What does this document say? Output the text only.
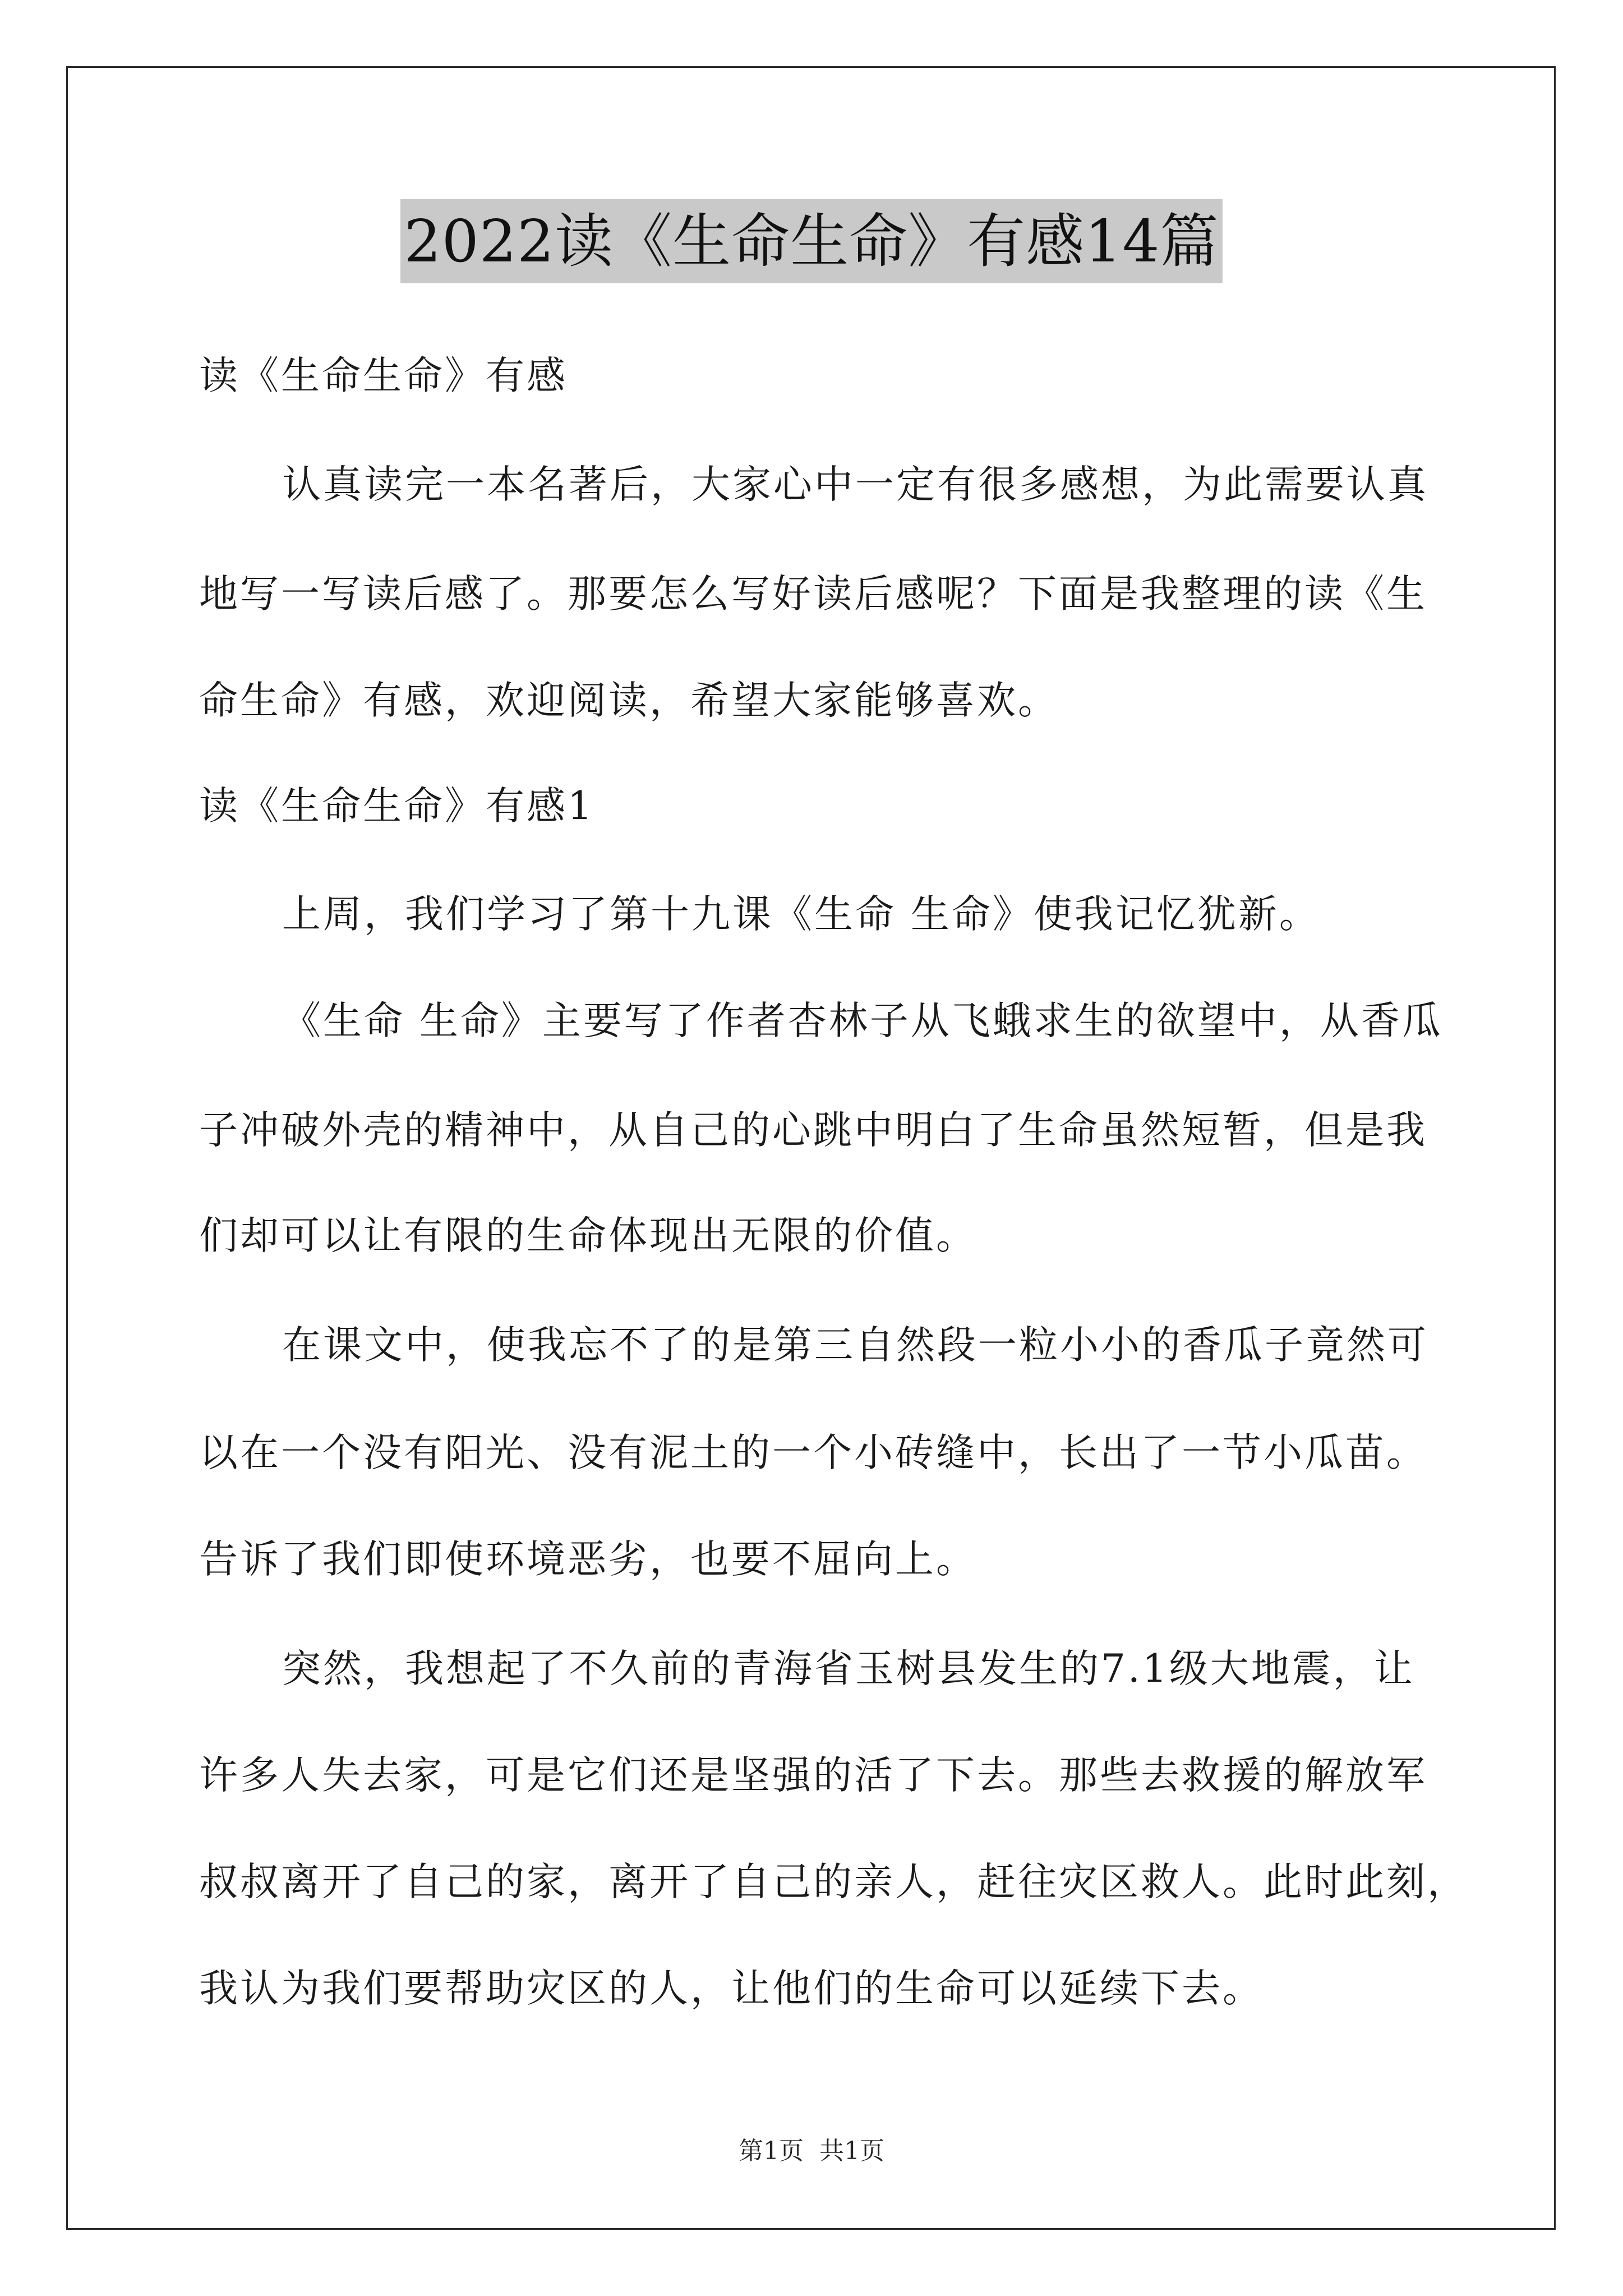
2022读《生命生命》有感14篇
读《生命生命》有感
认真读完一本名著后，大家心中一定有很多感想，为此需要认真
地写一写读后感了。那要怎么写好读后感呢？下面是我整理的读《生
命生命》有感，欢迎阅读，希望大家能够喜欢。
读《生命生命》有感1
上周，我们学习了第十九课《生命 生命》使我记忆犹新。
《生命 生命》主要写了作者杏林子从飞蛾求生的欲望中，从香瓜
子冲破外壳的精神中，从自己的心跳中明白了生命虽然短暂，但是我
们却可以让有限的生命体现出无限的价值。
在课文中，使我忘不了的是第三自然段一粒小小的香瓜子竟然可
以在一个没有阳光、没有泥土的一个小砖缝中，长出了一节小瓜苗。
告诉了我们即使环境恶劣，也要不屈向上。
突然，我想起了不久前的青海省玉树县发生的7.1级大地震，让
许多人失去家，可是它们还是坚强的活了下去。那些去救援的解放军
叔叔离开了自己的家，离开了自己的亲人，赶往灾区救人。此时此刻，
我认为我们要帮助灾区的人，让他们的生命可以延续下去。
第1页 共1页
